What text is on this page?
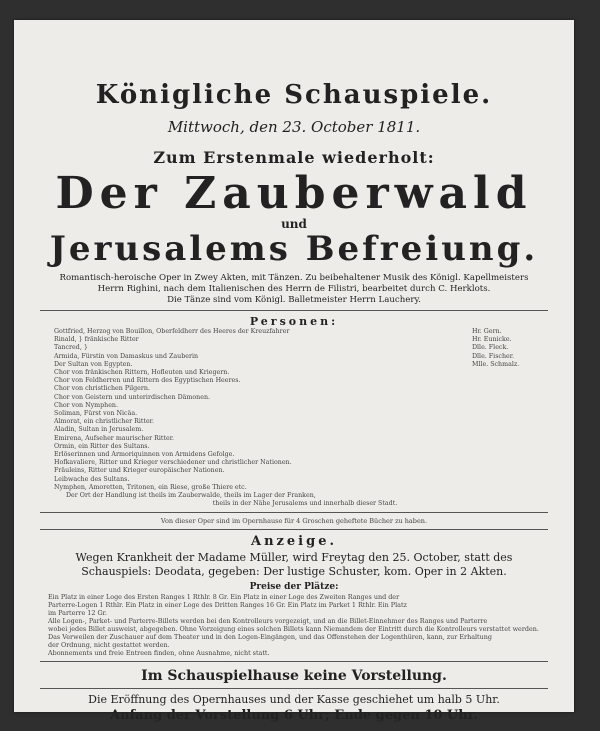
Königliche Schauspiele.

Mittwoch, den 23. October 1811.

Zum Erstenmale wiederholt:

Der Zauberwald

und

Jerusalems Befreiung.

Romantisch-heroische Oper in Zwey Akten, mit Tänzen. Zu beibehaltener Musik des Königl. Kapellmeisters
Herrn Righini, nach dem Italienischen des Herrn de Filistri, bearbeitet durch C. Herklots.
Die Tänze sind vom Königl. Balletmeister Herrn Lauchery.

Personen:

Gottfried, Herzog von Bouillon, Oberfeldherr des Heeres der Kreuzfahrer	Hr. Gern.
Rinald, } fränkische Ritter	Hr. Eunicke.
Tancred, }	Dlle. Fleck.
Armida, Fürstin von Damaskus und Zauberin	Dlle. Fischer.
Der Sultan von Egypten.	Mlle. Schmalz.
Chor von fränkischen Rittern, Hofleuten und Kriegern.
Chor von Feldherren und Rittern des Egyptischen Heeres.
Chor von christlichen Pilgern.
Chor von Geistern und unterirdischen Dämonen.
Chor von Nymphen.
Soliman, Fürst von Nicäa.
Almorat, ein christlicher Ritter.
Aladin, Sultan in Jerusalem.
Emirena, Aufseher maurischer Ritter.
Ormin, ein Ritter des Sultans.
Erlöserinnen und Armoriquinnen von Armidens Gefolge.
Hofkavaliere, Ritter und Krieger verschiedener und christlicher Nationen.
Fräuleins, Ritter und Krieger europäischer Nationen.
Leibwache des Sultans.
Nymphen, Amoretten, Tritonen, ein Riese, große Thiere etc.
Der Ort der Handlung ist theils im Zauberwalde, theils im Lager der Franken,
theils in der Nähe Jerusalems und innerhalb dieser Stadt.

Von dieser Oper sind im Opernhause für 4 Groschen geheftete Bücher zu haben.

Anzeige.

Wegen Krankheit der Madame Müller, wird Freytag den 25. October, statt des
Schauspiels: Deodata, gegeben: Der lustige Schuster, kom. Oper in 2 Akten.

Preise der Plätze:

Ein Platz in einer Loge des Ersten Ranges 1 Rthlr. 8 Gr. Ein Platz in einer Loge des Zweiten Ranges und der
Parterre-Logen 1 Rthlr. Ein Platz in einer Loge des Dritten Ranges 16 Gr. Ein Platz im Parket 1 Rthlr. Ein Platz
im Parterre 12 Gr.
Alle Logen-, Parket- und Parterre-Billets werden bei den Kontrolleurs vorgezeigt, und an die Billet-Einnehmer des Ranges und Parterre
wobei jedes Billet ausweist, abgegeben. Ohne Vorzeigung eines solchen Billets kann Niemandem der Eintritt durch die Kontrolleurs verstattet werden.
Das Verweilen der Zuschauer auf dem Theater und in den Logen-Eingängen, und das Offenstehen der Logenthüren, kann, zur Erhaltung
der Ordnung, nicht gestattet werden.
Abonnements und freie Entreen finden, ohne Ausnahme, nicht statt.

Im Schauspielhause keine Vorstellung.

Die Eröffnung des Opernhauses und der Kasse geschiehet um halb 5 Uhr.

Anfang der Vorstellung 6 Uhr; Ende gegen 10 Uhr.
